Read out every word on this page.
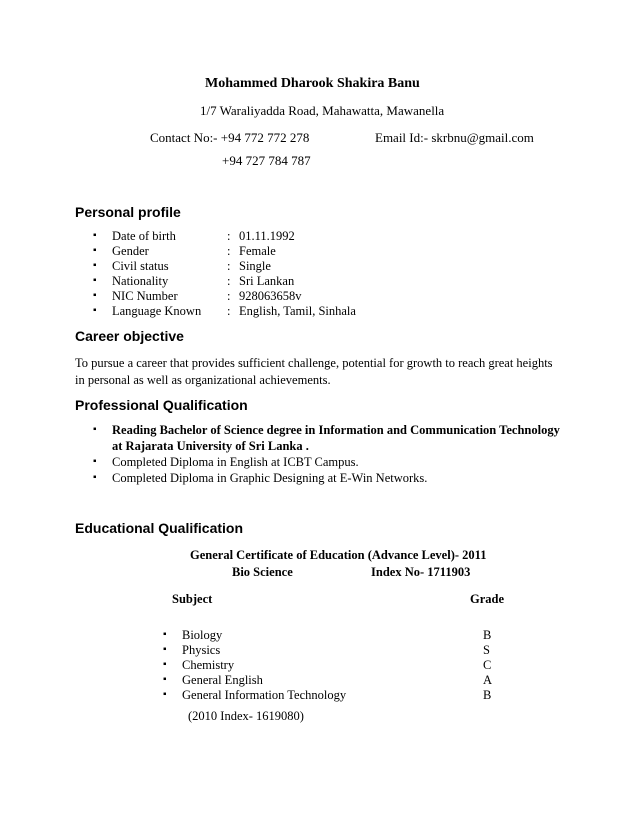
Mohammed Dharook Shakira Banu
1/7 Waraliyadda Road, Mahawatta, Mawanella
Contact No:- +94 772 772 278	Email Id:- skrbnu@gmail.com
+94 727 784 787
Personal profile
▪ Date of birth	: 01.11.1992
▪ Gender	: Female
▪ Civil status	: Single
▪ Nationality	: Sri Lankan
▪ NIC Number	: 928063658v
▪ Language Known : English, Tamil, Sinhala
Career objective
To pursue a career that provides sufficient challenge, potential for growth to reach great heights
in personal as well as organizational achievements.
Professional Qualification
▪ Reading Bachelor of Science degree in Information and Communication Technology
at Rajarata University of Sri Lanka .
▪ Completed Diploma in English at ICBT Campus.
▪ Completed Diploma in Graphic Designing at E-Win Networks.
Educational Qualification
General Certificate of Education (Advance Level)- 2011
Bio Science	Index No- 1711903
Subject	Grade
▪ Biology	B
▪ Physics	S
▪ Chemistry	C
▪ General English	A
▪ General Information Technology	B
(2010 Index- 1619080)
